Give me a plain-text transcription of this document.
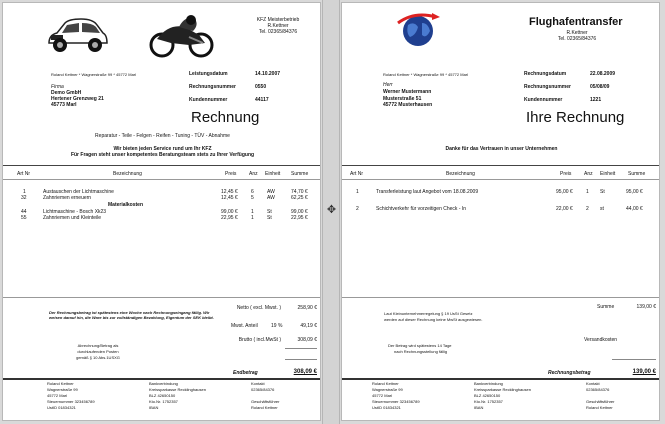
KFZ Meisterbetrieb
R.Kettner
Tel. 02365/84376
Roland Kettner * Wagnerstraße 99 * 45772 Marl
Firma
Demo GmbH
Hertener Grenzweg 21
45773 Marl
Leistungsdatum	14.10.2007
Rechnungsnummer	0550
Kundennummer	44117
Rechnung
Reparatur - Teile - Felgen - Reifen - Tuning - TÜV - Abnahme
Wir bieten jeden Service rund um Ihr KFZ
Für Fragen steht unser kompetentes Beratungsteam stets zu Ihrer Verfügung
Art Nr	Bezeichnung	Preis	Anz Einheit Summe
1	Austauschen der Lichtmaschine	12,45 €	6	AW	74,70 €
32	Zahnriemen erneuern	12,45 €	5	AW	62,25 €
Materialkosten
44	Lichtmaschine - Bosch Xk23	99,00 €	1	St	99,00 €
55	Zahnriemen und Kleinteile	22,95 €	1	St	22,95 €
Der Rechnungsbetrag ist spätestens eine Woche nach Rechnungseingang fällig. Wir weisen darauf hin, die Ware bis zur vollständigen Bezahlung, Eigentum der SEK bleibt.
Netto ( excl. Mwst. )	258,90 €
Mwst. Anteil	19 %	49,19 €
Brutto ( incl.MwSt )	308,09 €
Abrechnung/Betrag als
durchlaufenden Posten
gemäß § 10 Abs.1USXG
Endbetrag	308,09 €
Roland Kettner
Wagnerstraße 99
45772 Marl
Steuernummer 323456789
UstID 01834321
Bankverbindung
Kreissparkasse Recklinghausen
BLZ 42650150
Kto.Nr. 1752357
IBAN
Kontakt
02365/84376

Geschäftsführer
Roland Kettner
✥
Flughafentransfer
R.Kettner
Tel. 02365/84376
Roland Kettner * Wagnerstraße 99 * 45772 Marl
Herr
Werner Mustermann
Musterstraße 51
45772 Musterhausen
Rechnungsdatum	22.08.2009
Rechnungsnummer	05/08/09
Kundennummer	1221
Ihre Rechnung
Danke für das Vertrauen in unser Unternehmen
Art Nr	Bezeichnung	Preis	Anz Einheit	Summe
1	Transferleistung laut Angebot vom 18.08.2009	95,00 €	1 St	95,00 €
2	Schichtverkehr für vorzeitigen Check - In	22,00 €	2 st	44,00 €
Summe	139,00 €
Laut Kleinunternehmerregelung § 19 UsSt Gesetz
werden auf dieser Rechnung keine MwSt ausgewiesen.
Versandkosten
Der Betrag wird spätestens 14 Tage
nach Rechnungsstellung fällig
Rechnungsbetrag	139,00 €
Roland Kettner
Wagnerstraße 99
45772 Marl
Steuernummer 323456789
UstID 01834321
Bankverbindung
Kreissparkasse Recklinghausen
BLZ 42650150
Kto.Nr. 1752357
IBAN
Kontakt
02365/84376

Geschäftsführer
Roland Kettner
